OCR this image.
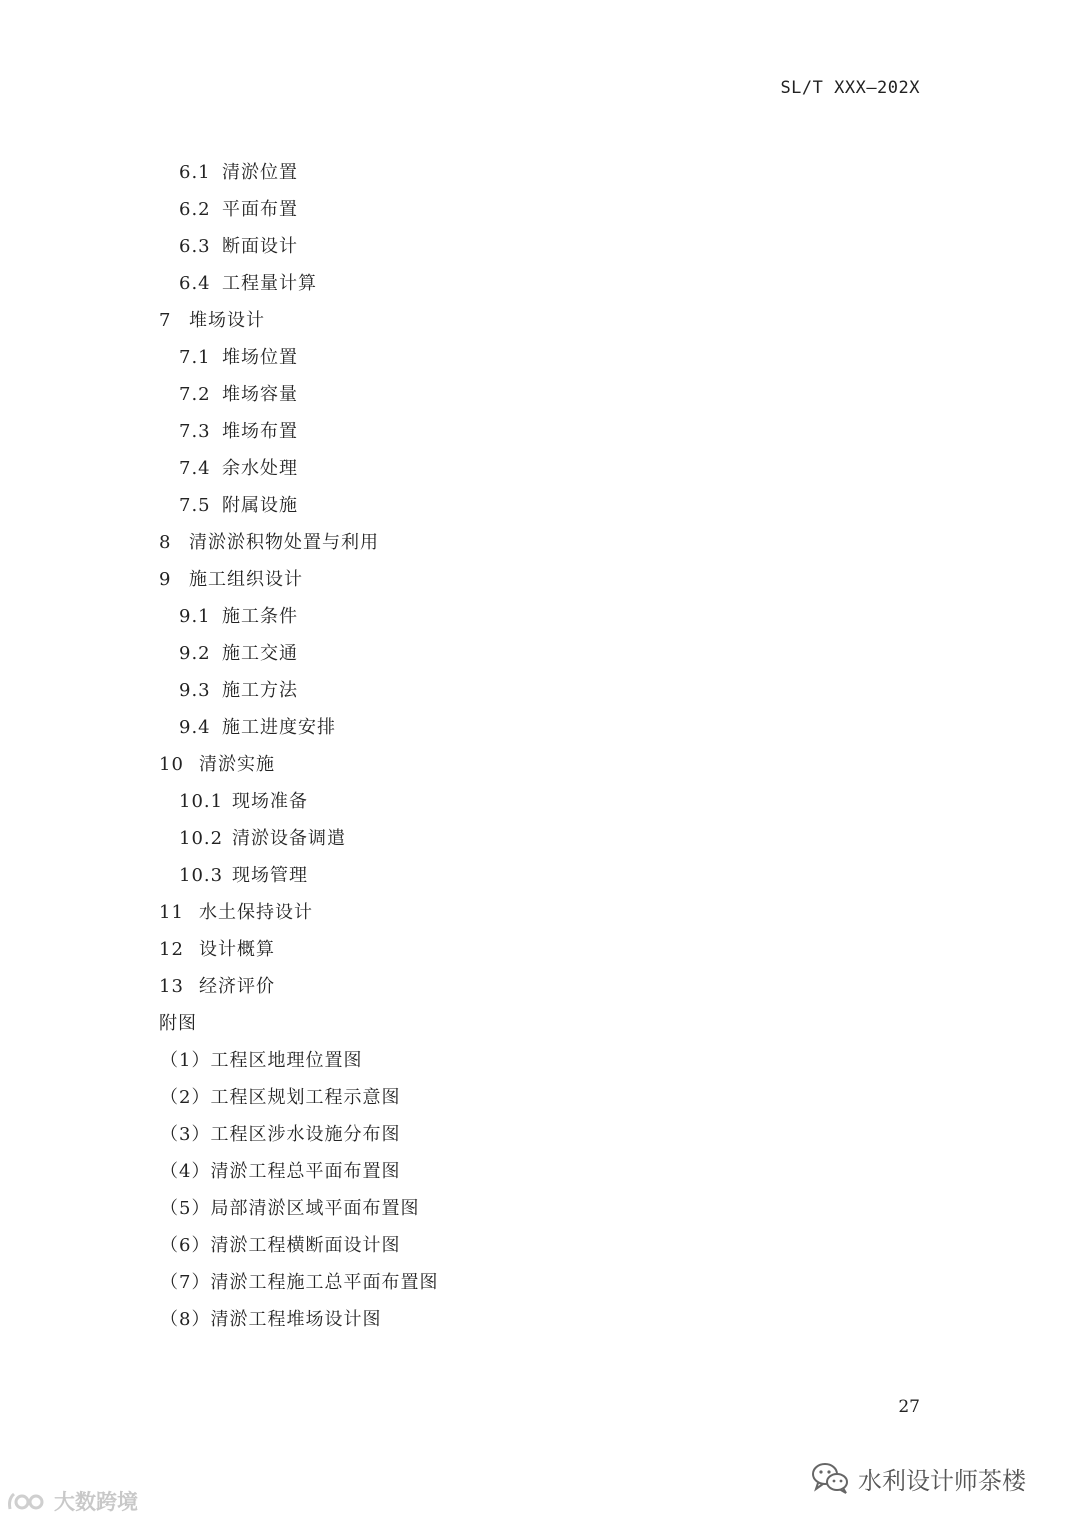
SL/T XXX—202X
6.1 清淤位置
6.2 平面布置
6.3 断面设计
6.4 工程量计算
7 堆场设计
7.1 堆场位置
7.2 堆场容量
7.3 堆场布置
7.4 余水处理
7.5 附属设施
8 清淤淤积物处置与利用
9 施工组织设计
9.1 施工条件
9.2 施工交通
9.3 施工方法
9.4 施工进度安排
10 清淤实施
10.1 现场准备
10.2 清淤设备调遣
10.3 现场管理
11 水土保持设计
12 设计概算
13 经济评价
附图
（1）工程区地理位置图
（2）工程区规划工程示意图
（3）工程区涉水设施分布图
（4）清淤工程总平面布置图
（5）局部清淤区域平面布置图
（6）清淤工程横断面设计图
（7）清淤工程施工总平面布置图
（8）清淤工程堆场设计图
27
水利设计师茶楼
大数跨境
